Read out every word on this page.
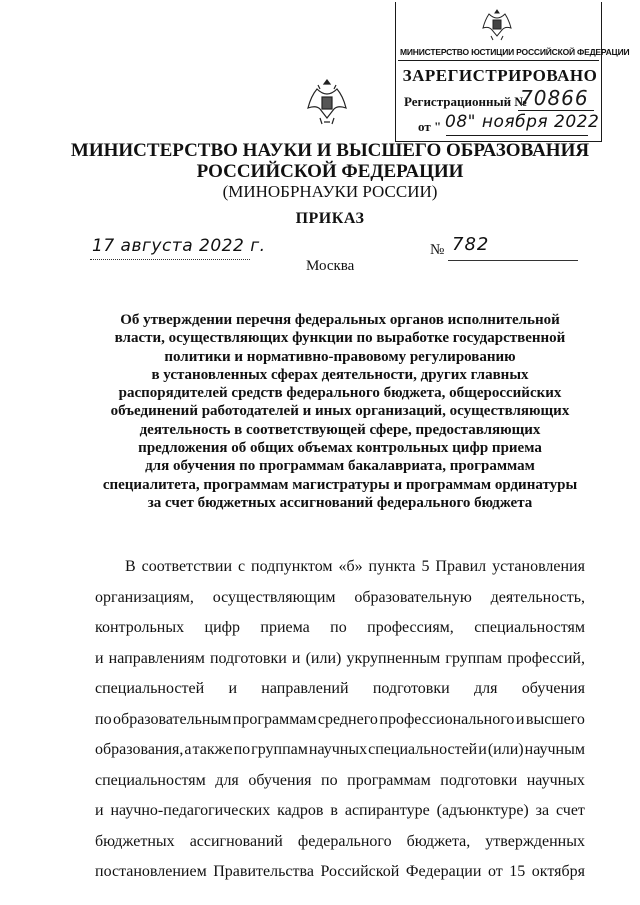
МИНИСТЕРСТВО ЮСТИЦИИ РОССИЙСКОЙ ФЕДЕРАЦИИ
ЗАРЕГИСТРИРОВАНО
Регистрационный №
70866
от " 08" ноября 2022
МИНИСТЕРСТВО НАУКИ И ВЫСШЕГО ОБРАЗОВАНИЯ
РОССИЙСКОЙ ФЕДЕРАЦИИ
(МИНОБРНАУКИ РОССИИ)
ПРИКАЗ
17 августа 2022 г.	№ 782
Москва
Об утверждении перечня федеральных органов исполнительной
власти, осуществляющих функции по выработке государственной
политики и нормативно-правовому регулированию
в установленных сферах деятельности, других главных
распорядителей средств федерального бюджета, общероссийских
объединений работодателей и иных организаций, осуществляющих
деятельность в соответствующей сфере, предоставляющих
предложения об общих объемах контрольных цифр приема
для обучения по программам бакалавриата, программам
специалитета, программам магистратуры и программам ординатуры
за счет бюджетных ассигнований федерального бюджета
В соответствии с подпунктом «б» пункта 5 Правил установления
организациям, осуществляющим образовательную деятельность,
контрольных цифр приема по профессиям, специальностям
и направлениям подготовки и (или) укрупненным группам профессий,
специальностей и направлений подготовки для обучения
по образовательным программам среднего профессионального и высшего
образования, а также по группам научных специальностей и (или) научным
специальностям для обучения по программам подготовки научных
и научно-педагогических кадров в аспирантуре (адъюнктуре) за счет
бюджетных ассигнований федерального бюджета, утвержденных
постановлением Правительства Российской Федерации от 15 октября
